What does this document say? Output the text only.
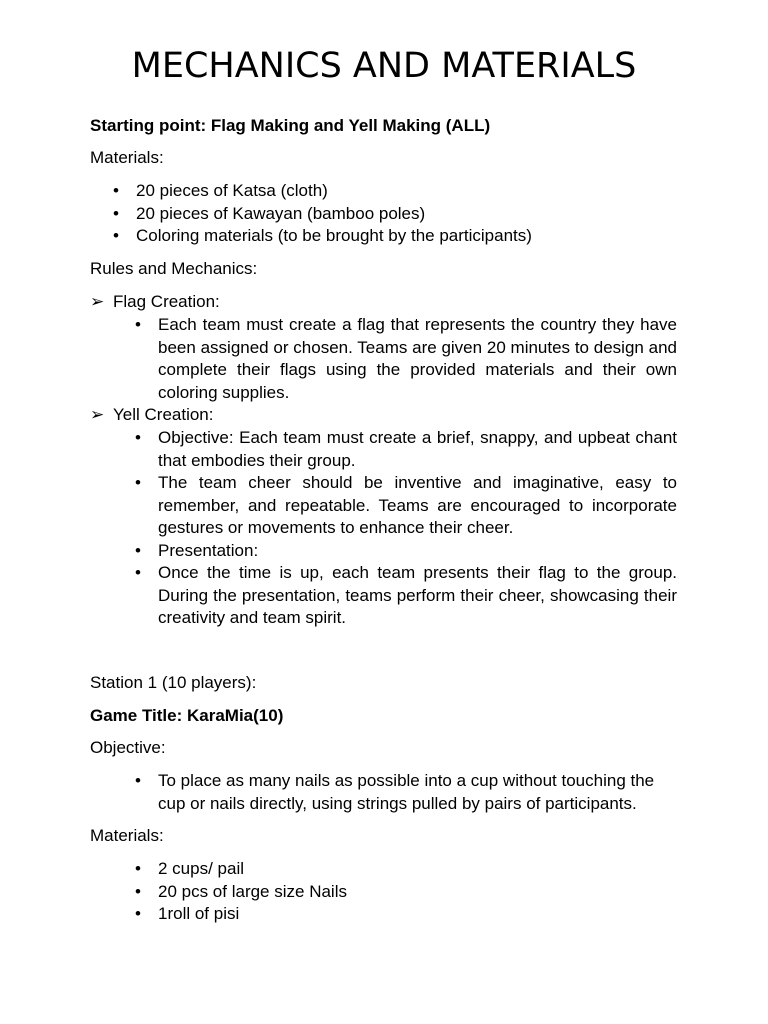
MECHANICS AND MATERIALS
Starting point: Flag Making and Yell Making (ALL)
Materials:
• 20 pieces of Katsa (cloth)
• 20 pieces of Kawayan (bamboo poles)
• Coloring materials (to be brought by the participants)
Rules and Mechanics:
➢ Flag Creation:
• Each team must create a flag that represents the country they have been assigned or chosen. Teams are given 20 minutes to design and complete their flags using the provided materials and their own coloring supplies.
➢ Yell Creation:
• Objective: Each team must create a brief, snappy, and upbeat chant that embodies their group.
• The team cheer should be inventive and imaginative, easy to remember, and repeatable. Teams are encouraged to incorporate gestures or movements to enhance their cheer.
• Presentation:
• Once the time is up, each team presents their flag to the group. During the presentation, teams perform their cheer, showcasing their creativity and team spirit.
Station 1 (10 players):
Game Title: KaraMia(10)
Objective:
• To place as many nails as possible into a cup without touching the cup or nails directly, using strings pulled by pairs of participants.
Materials:
• 2 cups/ pail
• 20 pcs of large size Nails
• 1roll of pisi
